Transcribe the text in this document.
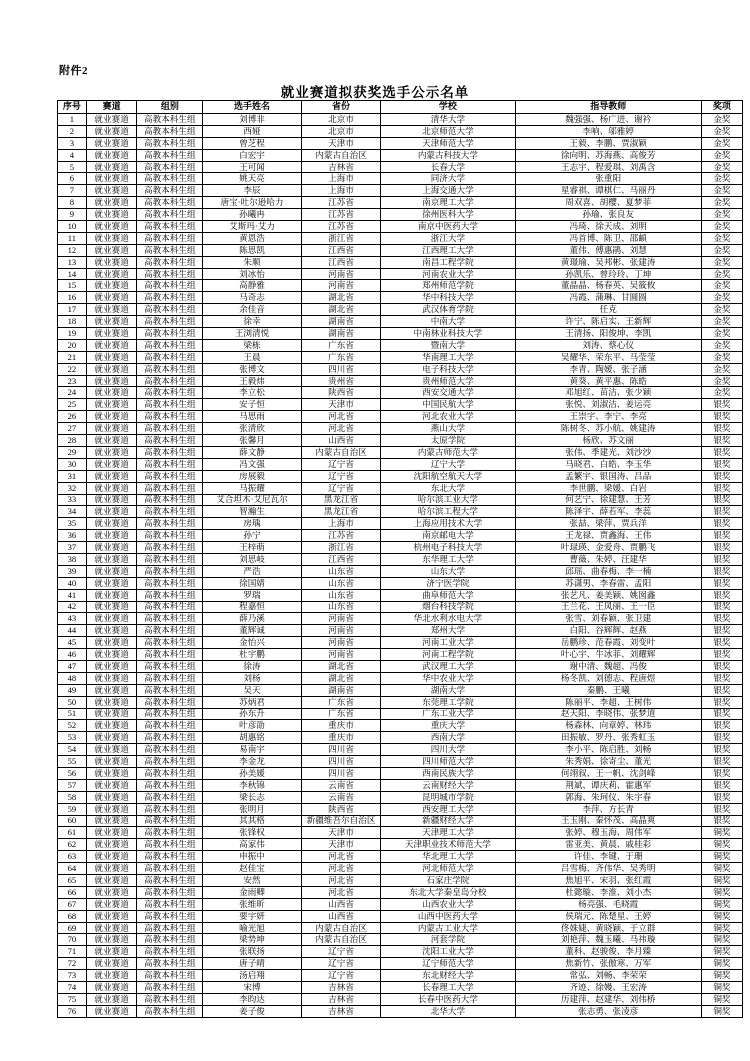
附件2
就业赛道拟获奖选手公示名单
序号	赛道	组别	选手姓名	省份	学校	指导教师	奖项
1	就业赛道	高教本科生组	刘博非	北京市	清华大学	魏强强、杨广进、谢衿	金奖
2	就业赛道	高教本科生组	西娅	北京市	北京师范大学	李响、邬雅婷	金奖
3	就业赛道	高教本科生组	曾芝程	天津市	天津师范大学	王毅、李鹏、贾淑颖	金奖
4	就业赛道	高教本科生组	白宏宇	内蒙古自治区	内蒙古科技大学	徐向明、苏海燕、高俊芳	金奖
5	就业赛道	高教本科生组	王可闻	吉林省	长春大学	王志宇、程爱琪、刘禹含	金奖
6	就业赛道	高教本科生组	姚天亮	上海市	同济大学	张重阳	金奖
7	就业赛道	高教本科生组	李辰	上海市	上海交通大学	星睿祺、谭棋仁、马丽丹	金奖
8	就业赛道	高教本科生组	唐宝·吐尔逊哈力	江苏省	南京理工大学	周双喜、胡樱、夏梦菲	金奖
9	就业赛道	高教本科生组	孙曦冉	江苏省	徐州医科大学	孙瑜、张良友	金奖
10	就业赛道	高教本科生组	艾斯玛·艾力	江苏省	南京中医药大学	冯琦、徐天成、刘明	金奖
11	就业赛道	高教本科生组	黄恩浩	浙江省	浙江大学	冯首博、陈卫、邵頔	金奖
12	就业赛道	高教本科生组	陈思凯	江西省	江西理工大学	董伟、傅惠鹃、刘慧	金奖
13	就业赛道	高教本科生组	朱顺	江西省	南昌工程学院	黄璟瑜、吴邦彬、张建涛	金奖
14	就业赛道	高教本科生组	刘冰怡	河南省	河南农业大学	孙凯乐、曾玲玲、丁坤	金奖
15	就业赛道	高教本科生组	高静雅	河南省	郑州师范学院	董晶晶、杨春英、吴筱攸	金奖
16	就业赛道	高教本科生组	马奇志	湖北省	华中科技大学	冯霞、蒲琳、甘圆圆	金奖
17	就业赛道	高教本科生组	余佳音	湖北省	武汉体育学院	任克	金奖
18	就业赛道	高教本科生组	徐幸	湖南省	中南大学	许宁、陈启实、王新辉	金奖
19	就业赛道	高教本科生组	王浏清悦	湖南省	中南林业科技大学	王清扬、阳俊坤、李凯	金奖
20	就业赛道	高教本科生组	梁栋	广东省	暨南大学	刘涛、蔡心仪	金奖
21	就业赛道	高教本科生组	王晨	广东省	华南理工大学	吴耀华、荣东平、马莹莹	金奖
22	就业赛道	高教本科生组	张博文	四川省	电子科技大学	李青、陶嫒、张子涵	金奖
23	就业赛道	高教本科生组	王毅炜	贵州省	贵州师范大学	黄葵、黄平惠、陈皓	金奖
24	就业赛道	高教本科生组	李立松	陕西省	西安交通大学	邓旭红、苗洁、张少颖	金奖
25	就业赛道	高教本科生组	安子恒	天津市	中国民航大学	张悦、刘淑洁、姜运亮	银奖
26	就业赛道	高教本科生组	马思雨	河北省	河北农业大学	王崇宇、李宁、李亮	银奖
27	就业赛道	高教本科生组	张清欣	河北省	燕山大学	陈树冬、苏小航、姚建涛	银奖
28	就业赛道	高教本科生组	张馨月	山西省	太原学院	杨欣、苏文丽	银奖
29	就业赛道	高教本科生组	薛文静	内蒙古自治区	内蒙古师范大学	张伟、季建光、刘沙沙	银奖
30	就业赛道	高教本科生组	冯文强	辽宁省	辽宁大学	马晓君、白皓、李玉华	银奖
31	就业赛道	高教本科生组	房展毅	辽宁省	沈阳航空航天大学	孟繁宇、银国涛、吕品	银奖
32	就业赛道	高教本科生组	马振耀	辽宁省	东北大学	李世鹏、梁媛、白岩	银奖
33	就业赛道	高教本科生组	艾合坦木·艾尼瓦尔	黑龙江省	哈尔滨工业大学	何艺宁、徐建慧、王芳	银奖
34	就业赛道	高教本科生组	智瀚生	黑龙江省	哈尔滨工程大学	陈泽宇、薛若军、李蕊	银奖
35	就业赛道	高教本科生组	房瑀	上海市	上海应用技术大学	张喆、梁萍、贾兵洋	银奖
36	就业赛道	高教本科生组	孙宁	江苏省	南京邮电大学	王龙禄、贾鑫海、王伟	银奖
37	就业赛道	高教本科生组	王梓萌	浙江省	杭州电子科技大学	叶琭瑛、金爱舟、贾鹏飞	银奖
38	就业赛道	高教本科生组	刘思岐	江西省	东华理工大学	曹薇、朱婷、汪建华	银奖
39	就业赛道	高教本科生组	严浩	山东省	山东大学	邱瑶、曲春梅、李一楠	银奖
40	就业赛道	高教本科生组	徐国婧	山东省	济宁医学院	苏潇男、李春雷、孟阳	银奖
41	就业赛道	高教本科生组	罗瑞	山东省	曲阜师范大学	张艺凡、姜美颖、姚囡鑫	银奖
42	就业赛道	高教本科生组	程嘉恒	山东省	烟台科技学院	王兰花、王凤丽、王一臣	银奖
43	就业赛道	高教本科生组	薛乃溪	河南省	华北水利水电大学	张雪、刘春颖、张卫建	银奖
44	就业赛道	高教本科生组	董辉诚	河南省	郑州大学	白阳、谷辉辉、赵燕	银奖
45	就业赛道	高教本科生组	金怡兴	河南省	河南工业大学	岳鹏珍、范春霞、刘变叶	银奖
46	就业赛道	高教本科生组	杜宇鹏	河南省	河南工程学院	叶心宇、牛冰菲、刘耀辉	银奖
47	就业赛道	高教本科生组	徐涛	湖北省	武汉理工大学	谢中清、魏超、冯俊	银奖
48	就业赛道	高教本科生组	刘杨	湖北省	华中农业大学	杨冬凯、刘德志、程唐煜	银奖
49	就业赛道	高教本科生组	吴天	湖南省	湖南大学	秦鹏、王曦	银奖
50	就业赛道	高教本科生组	苏炳君	广东省	东莞理工学院	陈丽平、李超、王树伟	银奖
51	就业赛道	高教本科生组	孙东升	广东省	广东工业大学	赵天阳、李晓伟、张梦道	银奖
52	就业赛道	高教本科生组	叶彦劭	重庆市	重庆大学	杨森林、向章婷、林玮	银奖
53	就业赛道	高教本科生组	胡惠铭	重庆市	西南大学	田振敏、罗丹、张秀虹玉	银奖
54	就业赛道	高教本科生组	易南宇	四川省	四川大学	李小平、陈启胜、刘畅	银奖
55	就业赛道	高教本科生组	李金龙	四川省	四川师范大学	朱秀娟、徐寄尘、董光	银奖
56	就业赛道	高教本科生组	孙美媛	四川省	西南民族大学	何翊叙、王一帆、沈剑峰	银奖
57	就业赛道	高教本科生组	李秋锦	云南省	云南财经大学	荆斌、谭庆莉、霍惠军	银奖
58	就业赛道	高教本科生组	梁长志	云南省	昆明城市学院	郭海、朱珂仪、朱宇春	银奖
59	就业赛道	高教本科生组	张明月	陕西省	西安理工大学	李萍、方长青	银奖
60	就业赛道	高教本科生组	其其格	新疆维吾尔自治区	新疆财经大学	王玉刚、秦怀茂、高晶爽	银奖
61	就业赛道	高教本科生组	张锋权	天津市	天津理工大学	张婷、穆玉海、周伟军	铜奖
62	就业赛道	高教本科生组	高家伟	天津市	天津职业技术师范大学	雷亚美、黄晨、戚桂彩	铜奖
63	就业赛道	高教本科生组	申振中	河北省	华北理工大学	许佳、李键、于珊	铜奖
64	就业赛道	高教本科生组	赵佳宝	河北省	河北师范大学	吕雪梅、齐伟华、吴秀明	铜奖
65	就业赛道	高教本科生组	安然	河北省	石家庄学院	焦旭平、宋羽、张红霞	铜奖
66	就业赛道	高教本科生组	金雨卿	河北省	东北大学秦皇岛分校	杜懿璇、李淮、刘小杰	铜奖
67	就业赛道	高教本科生组	张维昕	山西省	山西农业大学	杨亮强、毛晓霞	铜奖
68	就业赛道	高教本科生组	要宇妍	山西省	山西中医药大学	侯瑞元、陈楚星、王婷	铜奖
69	就业赛道	高教本科生组	喻光旭	内蒙古自治区	内蒙古工业大学	佟姝婕、黄晓颖、于立群	铜奖
70	就业赛道	高教本科生组	梁势坤	内蒙古自治区	河套学院	刘艳萍、魏玉曦、马祎璇	铜奖
71	就业赛道	高教本科生组	张联扬	辽宁省	沈阳工业大学	董科、赵骏俊、李月臻	铜奖
72	就业赛道	高教本科生组	唐子晴	辽宁省	辽宁师范大学	焦新竹、张傲寒、万军	铜奖
73	就业赛道	高教本科生组	汤启翔	辽宁省	东北财经大学	常弘、刘畅、李荣荣	铜奖
74	就业赛道	高教本科生组	宋博	吉林省	长春理工大学	齐迹、徐嫚、王宏涛	铜奖
75	就业赛道	高教本科生组	李昀达	吉林省	长春中医药大学	历建萍、赵建华、刘伟桥	铜奖
76	就业赛道	高教本科生组	姜子俊	吉林省	北华大学	张志勇、张凌彦	铜奖
